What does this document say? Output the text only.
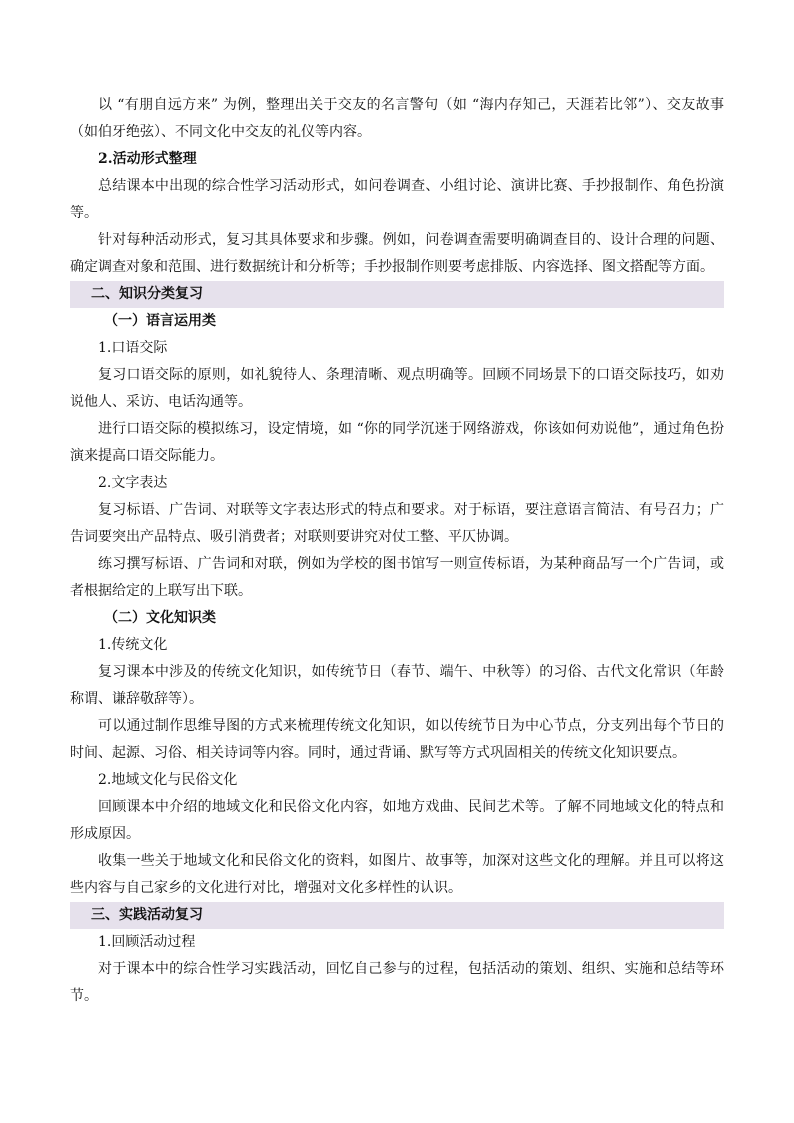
以 “有朋自远方来” 为例，整理出关于交友的名言警句（如 “海内存知己，天涯若比邻”）、交友故事（如伯牙绝弦）、不同文化中交友的礼仪等内容。

2.活动形式整理

总结课本中出现的综合性学习活动形式，如问卷调查、小组讨论、演讲比赛、手抄报制作、角色扮演等。

针对每种活动形式，复习其具体要求和步骤。例如，问卷调查需要明确调查目的、设计合理的问题、确定调查对象和范围、进行数据统计和分析等；手抄报制作则要考虑排版、内容选择、图文搭配等方面。

二、知识分类复习
（一）语言运用类
1.口语交际

复习口语交际的原则，如礼貌待人、条理清晰、观点明确等。回顾不同场景下的口语交际技巧，如劝说他人、采访、电话沟通等。

进行口语交际的模拟练习，设定情境，如 “你的同学沉迷于网络游戏，你该如何劝说他”，通过角色扮演来提高口语交际能力。

2.文字表达

复习标语、广告词、对联等文字表达形式的特点和要求。对于标语，要注意语言简洁、有号召力；广告词要突出产品特点、吸引消费者；对联则要讲究对仗工整、平仄协调。

练习撰写标语、广告词和对联，例如为学校的图书馆写一则宣传标语，为某种商品写一个广告词，或者根据给定的上联写出下联。

（二）文化知识类
1.传统文化

复习课本中涉及的传统文化知识，如传统节日（春节、端午、中秋等）的习俗、古代文化常识（年龄称谓、谦辞敬辞等）。

可以通过制作思维导图的方式来梳理传统文化知识，如以传统节日为中心节点，分支列出每个节日的时间、起源、习俗、相关诗词等内容。同时，通过背诵、默写等方式巩固相关的传统文化知识要点。

2.地域文化与民俗文化

回顾课本中介绍的地域文化和民俗文化内容，如地方戏曲、民间艺术等。了解不同地域文化的特点和形成原因。

收集一些关于地域文化和民俗文化的资料，如图片、故事等，加深对这些文化的理解。并且可以将这些内容与自己家乡的文化进行对比，增强对文化多样性的认识。

三、实践活动复习
1.回顾活动过程

对于课本中的综合性学习实践活动，回忆自己参与的过程，包括活动的策划、组织、实施和总结等环节。
